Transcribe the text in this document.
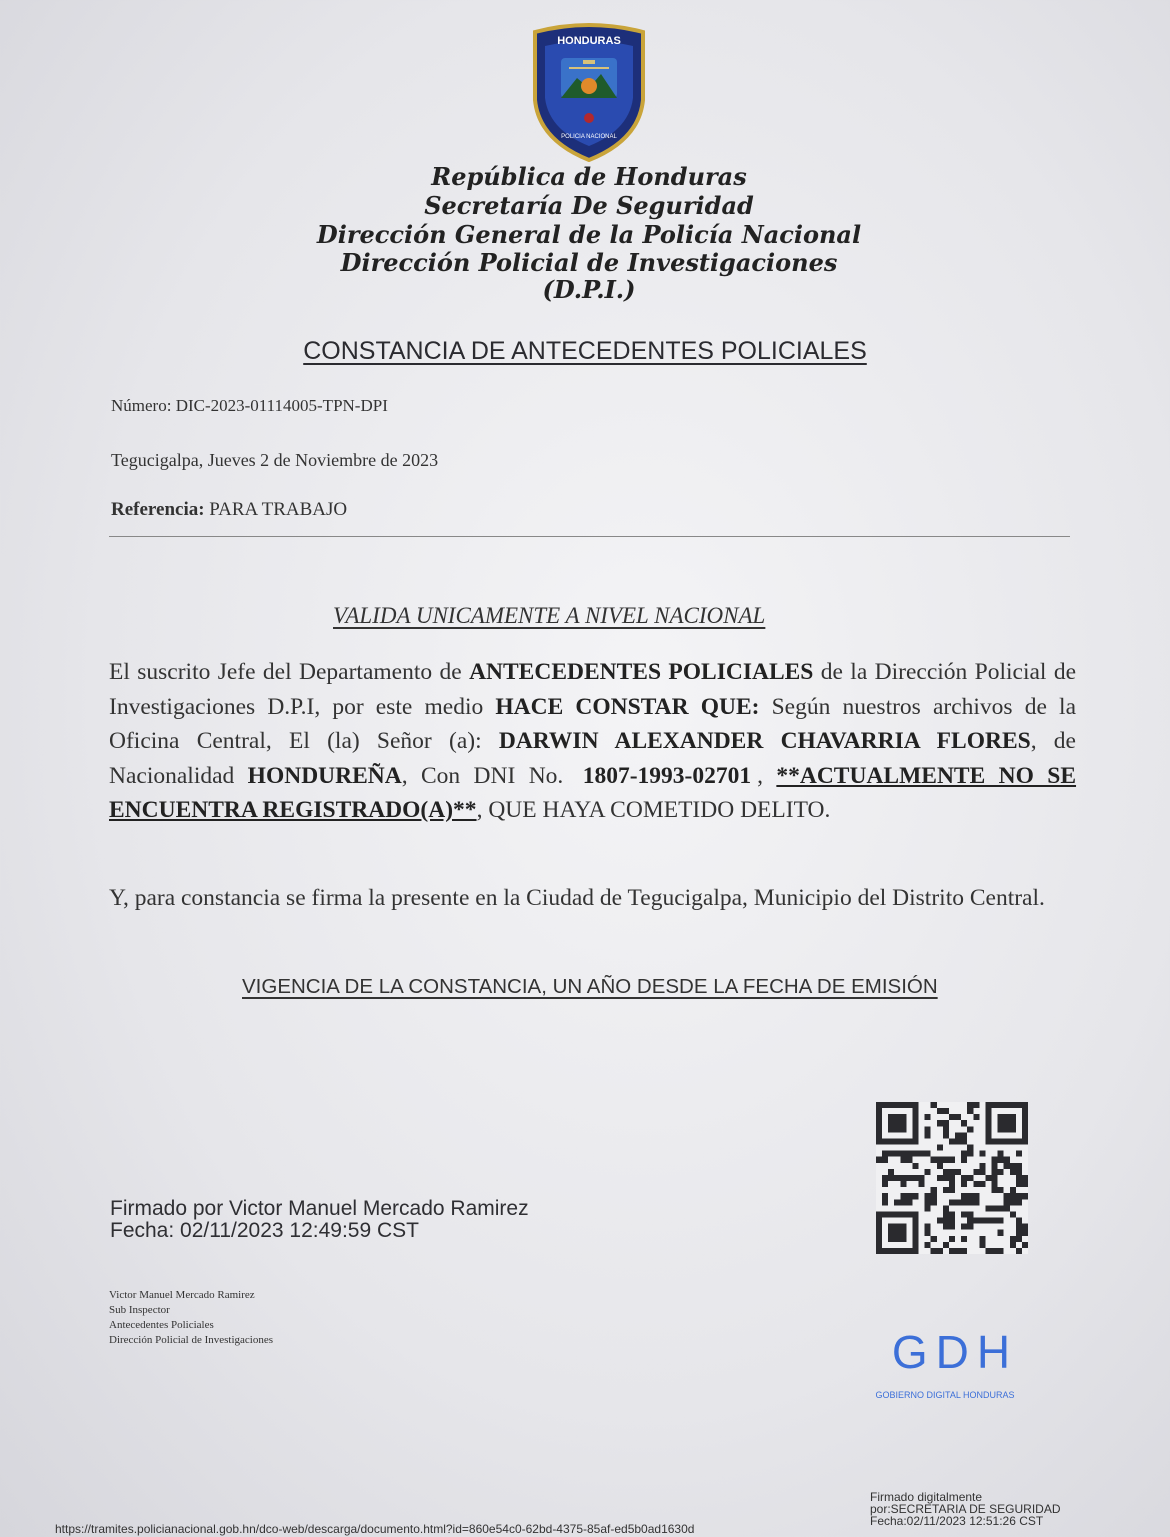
HONDURAS
POLICIA NACIONAL
República de Honduras
Secretaría De Seguridad
Dirección General de la Policía Nacional
Dirección Policial de Investigaciones
(D.P.I.)
CONSTANCIA DE ANTECEDENTES POLICIALES
Número: DIC-2023-01114005-TPN-DPI
Tegucigalpa, Jueves 2 de Noviembre de 2023
Referencia: PARA TRABAJO
VALIDA UNICAMENTE A NIVEL NACIONAL
El suscrito Jefe del Departamento de ANTECEDENTES POLICIALES de la Dirección Policial de Investigaciones D.P.I, por este medio HACE CONSTAR QUE: Según nuestros archivos de la Oficina Central, El (la) Señor (a): DARWIN ALEXANDER CHAVARRIA FLORES, de Nacionalidad HONDUREÑA, Con DNI No. 1807-1993-02701 , **ACTUALMENTE NO SE ENCUENTRA REGISTRADO(A)**, QUE HAYA COMETIDO DELITO.
Y, para constancia se firma la presente en la Ciudad de Tegucigalpa, Municipio del Distrito Central.
VIGENCIA DE LA CONSTANCIA, UN AÑO DESDE LA FECHA DE EMISIÓN
Firmado por Victor Manuel Mercado Ramirez
Fecha: 02/11/2023 12:49:59 CST
Victor Manuel Mercado Ramirez
Sub Inspector
Antecedentes Policiales
Dirección Policial de Investigaciones	GDH
GOBIERNO DIGITAL HONDURAS
Firmado digitalmente
por:SECRETARIA DE SEGURIDAD
Fecha:02/11/2023 12:51:26 CST
https://tramites.policianacional.gob.hn/dco-web/descarga/documento.html?id=860e54c0-62bd-4375-85af-ed5b0ad1630d
